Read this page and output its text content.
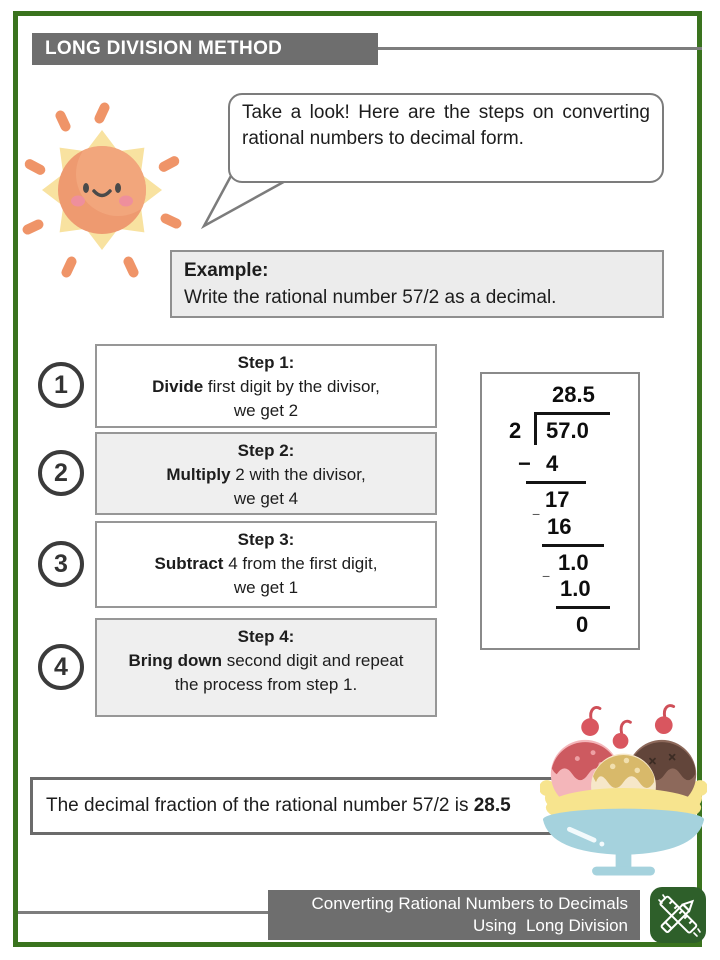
LONG DIVISION METHOD
Take a look! Here are the steps on converting rational numbers to decimal form.
Example:
Write the rational number 57/2 as a decimal.
1
2
3
4
Step 1:
Divide first digit by the divisor,
we get 2
Step 2:
Multiply 2 with the divisor,
we get 4
Step 3:
Subtract 4 from the first digit,
we get 1
Step 4:
Bring down second digit and repeat
the process from step 1.
28.5
2 57.0
− 4
17
− 16
1.0
− 1.0
0
The decimal fraction of the rational number 57/2 is 28.5
Converting Rational Numbers to Decimals
Using  Long Division
